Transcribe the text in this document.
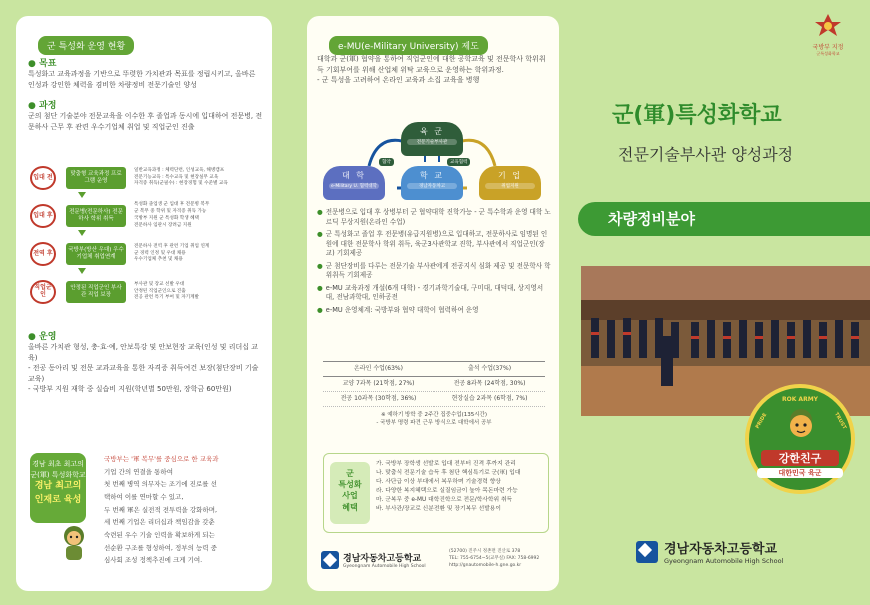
군 특성화 운영 현황
● 목표
특성화고 교육과정을 기반으로 뚜렷한 가치관과 목표를 정립시키고, 올바른 인성과 강인한 체력을 겸비한 차량정비 전문기술인 양성
● 과정
군의 첨단 기술분야 전문교육을 이수한 후 졸업과 동시에 입대하여 전문병, 전문하사 근무 후 관련 우수기업체 취업 및 직업군인 진출
입대 전	맞춤형 교육과정 프로그램 운영
일반교육과정 : 체력단련, 인성교육, 해병캠프
전문기능교육 : 특수교육 및 현장실무 교육
자격증 취득(군필수) : 현장경험 및 수준별 교육
입대 후	전문병(전문하사) 전문하사 학위 취득
특성화 졸업생 군 입대 후 전문병 복무
군 복무 중 학위 및 자격증 취득 가능
국방부 지원 군 특성화 학생 혜택
전문하사 임관시 장려금 지원
전역 후	국방부(방산 우대) 우수 기업체 취업연계
전문하사 전역 후 관련 기업 취업 연계
군 경력 인정 및 우대 채용
우수기업체 추천 및 채용
직업군인
안정된 직업군인 부사관 직업 보장
부사관 및 장교 선발 우대
안정된 직업군인으로 진출
전공 관련 특기 부여 및 자기계발
● 운영
올바른 가치관 형성, 충·효·예, 안보특강 및 안보현장 교육(인성 및 리더십 교육)
- 전공 동아리 및 전문 교과교육을 통한 자격증 취득여건 보장(첨단장비 기술교육)
- 국방부 지원 재학 중 실습비 지원(학년별 50만원, 장학금 60만원)
경남 최초 최고의
군(軍) 특성화학교
경남 최고의
인재로 육성
국방부는 '軍 복무'를 중심으로 한 교육과
기업 간의 연결을 통하여
첫 번째 병역 의무자는 조기에 진로를 선
택하여 이를 연마할 수 있고,
두 번째 軍은 실전적 전투력을 강화하며,
세 번째 기업은 리더십과 책임감을 갖춘
숙련된 우수 기술 인력을 확보하게 되는
선순환 구조를 형성하여, 정부의 능력 중
심사회 조성 정책추진에 크게 기여.
e-MU(e-Military University) 제도
대학과 군(軍) 협약을 통하여 직업군인에 대한 공학교육 및 전문학사 학위취득 기회부여를 위해 산업체 위탁 교육으로 운영하는 학위과정.
- 군 특성을 고려하여 온라인 교육과 소집 교육을 병행
육 군
전문기술부사관
협약	교육협력
대 학
e-Military U. 협력대학
학 교
경남자동차고
기 업
취업지원
● 전문병으로 입대 후 상병부터 군 협약대학 진학가능 - 군 특수학과 운영 대학 노르딕 무상지원(온라인 수업)
● 군 특성화고 졸업 후 전문병(유급지원병)으로 입대하고, 전문하사로 임명된 인원에 대한 전문학사 학위 취득, 육군3사관학교 진학, 부사관에서 직업군인(장교) 기회제공
● 군 첨단장비를 다루는 전문기술 부사관에게 전공지식 심화 제공 및 전문학사 학위취득 기회제공
● e-MU 교육과정 개설(6개 대학) - 경기과학기술대, 구미대, 대덕대, 상지영서대, 전남과학대, 인하공전
● e-MU 운영체계: 국방부와 협약 대학이 협력하여 운영
온라인 수업(63%)	출석 수업(37%)
교양 7과목 (21학점, 27%)	전공 8과목 (24학점, 30%)
전공 10과목 (30학점, 36%)	현장실습 2과목 (6학점, 7%)
※ 예하기 방학 중 2주간 집중수업(135시간)
- 국방부 명령 파견 근무 방식으로 대학에서 공부
군
특성화
사업
혜택
가. 국방부 장학생 선발로 입대 전부터 진격 후까지 관리
나. 맞춤식 전문기술 습득 후 첨단 핵심특기로 군(軍) 입대
다. 사단급 이상 부대에서 복무하며 기술경력 향상
라. 다양한 복지혜택으로 실질임금이 높아 목돈마련 가능
마. 군복무 중 e-MU 대학진학으로 전문/학사학위 취득
바. 부사관/장교로 신분전환 및 장기복무 선발용이
경남자동차고등학교
Gyeongnam Automobile High School
(52700) 진주시 정촌면 진산로 378
TEL: 755-6754~5(교무실) FAX: 758-6992
http://gnautomobile-h.gne.go.kr
국방부 지정
군특성화학교
군(軍)특성화학교
전문기술부사관 양성과정
차량정비분야
ROK ARMY
PRIDE	TRUST
강한친구
대한민국 육군
경남자동차고등학교
Gyeongnam Automobile High School
